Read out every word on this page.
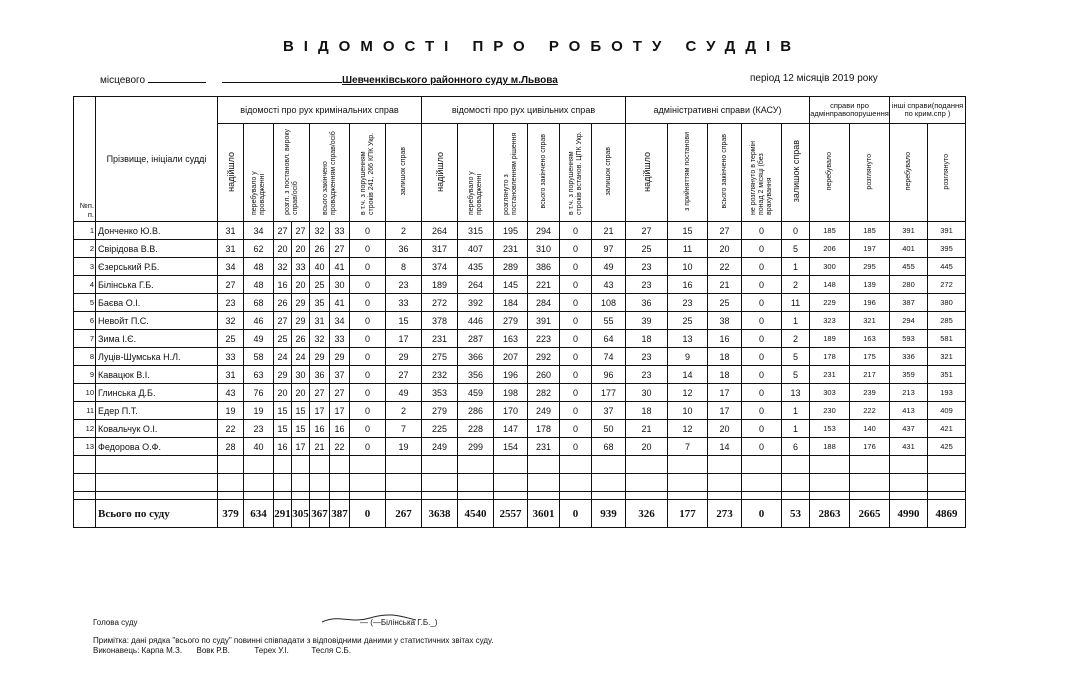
ВІДОМОСТІ ПРО РОБОТУ СУДДІВ
місцевого	Шевченківського районного суду м.Львова	період 12 місяців 2019 року
№п. п.	Прізвище, ініціали судді	відомості про рух кримінальних справ								відомості про рух цивільних справ						адміністративні справи (КАСУ)					справи про адмінправопорушення		інші справи(подання по крим.спр )	
		надійшло	перебувало у провадженні	розгл. з постановл. вироку справ/осіб		всього закінчено провадженням справ/осіб		в т.ч. з порушенням строків 241, 266 КПК Укр.	залишок справ	надійшло	перебувало у провадженні	розглянуто з постановленням рішення	всього закінчено справ	в т.ч. з порушенням строків встанов. ЦПК Укр.	залишок справ	надійшло	з прийняттям постанови	всього закінчено справ	не розглянуто в термін понад 2 місяці (без врахування	залишок справ	перебувало	розглянуто	перебувало	розглянуто
1	Донченко Ю.В.	31	34	27	27	32	33	0	2	264	315	195	294	0	21	27	15	27	0	0	185	185	391	391
2	Свірідова В.В.	31	62	20	20	26	27	0	36	317	407	231	310	0	97	25	11	20	0	5	206	197	401	395
3	Єзерський Р.Б.	34	48	32	33	40	41	0	8	374	435	289	386	0	49	23	10	22	0	1	300	295	455	445
4	Білінська Г.Б.	27	48	16	20	25	30	0	23	189	264	145	221	0	43	23	16	21	0	2	148	139	280	272
5	Баєва О.І.	23	68	26	29	35	41	0	33	272	392	184	284	0	108	36	23	25	0	11	229	196	387	380
6	Невойт П.С.	32	46	27	29	31	34	0	15	378	446	279	391	0	55	39	25	38	0	1	323	321	294	285
7	Зима І.Є.	25	49	25	26	32	33	0	17	231	287	163	223	0	64	18	13	16	0	2	189	163	593	581
8	Луців-Шумська Н.Л.	33	58	24	24	29	29	0	29	275	366	207	292	0	74	23	9	18	0	5	178	175	336	321
9	Кавацюк В.І.	31	63	29	30	36	37	0	27	232	356	196	260	0	96	23	14	18	0	5	231	217	359	351
10	Глинська Д.Б.	43	76	20	20	27	27	0	49	353	459	198	282	0	177	30	12	17	0	13	303	239	213	193
11	Едер П.Т.	19	19	15	15	17	17	0	2	279	286	170	249	0	37	18	10	17	0	1	230	222	413	409
12	Ковальчук О.І.	22	23	15	15	16	16	0	7	225	228	147	178	0	50	21	12	20	0	1	153	140	437	421
13	Федорова О.Ф.	28	40	16	17	21	22	0	19	249	299	154	231	0	68	20	7	14	0	6	188	176	431	425

	Всього по суду	379	634	291	305	367	387	0	267	3638	4540	2557	3601	0	939	326	177	273	0	53	2863	2665	4990	4869
Голова суду	— (—Білінська Г.Б._)
Примітка: дані рядка "всього по суду" повинні співпадати з відповідними даними у статистичних звітах суду.
Виконавець: Карпа М.З. Вовк Р.В.	Терех У.І.	Тесля С.Б.
